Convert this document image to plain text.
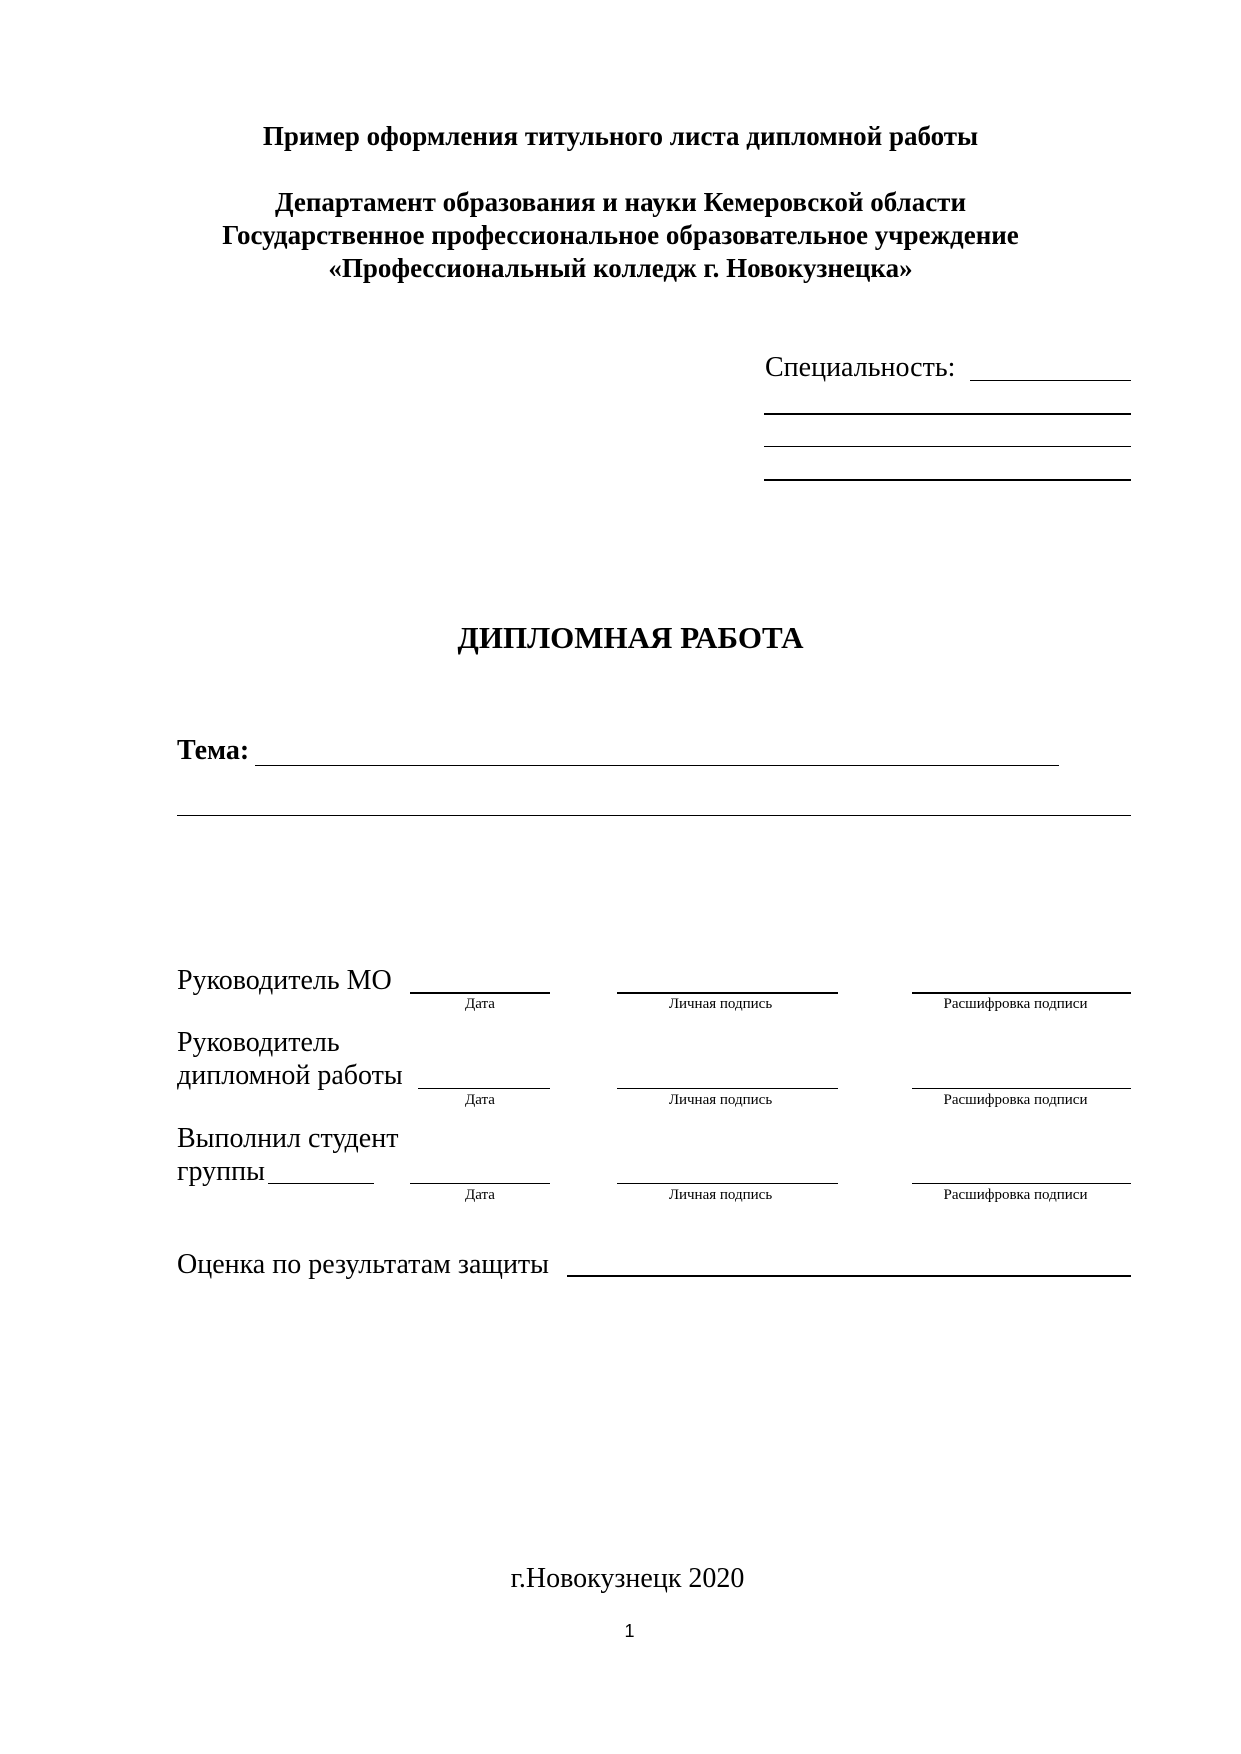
Пример оформления титульного листа дипломной работы
Департамент образования и науки Кемеровской области
Государственное профессиональное образовательное учреждение
«Профессиональный колледж г. Новокузнецка»
Специальность:
ДИПЛОМНАЯ РАБОТА
Тема:
Руководитель МО
Дата	Личная подпись	Расшифровка подписи
Руководитель
дипломной работы
Дата	Личная подпись	Расшифровка подписи
Выполнил студент
группы
Дата	Личная подпись	Расшифровка подписи
Оценка по результатам защиты
г.Новокузнецк 2020
1
